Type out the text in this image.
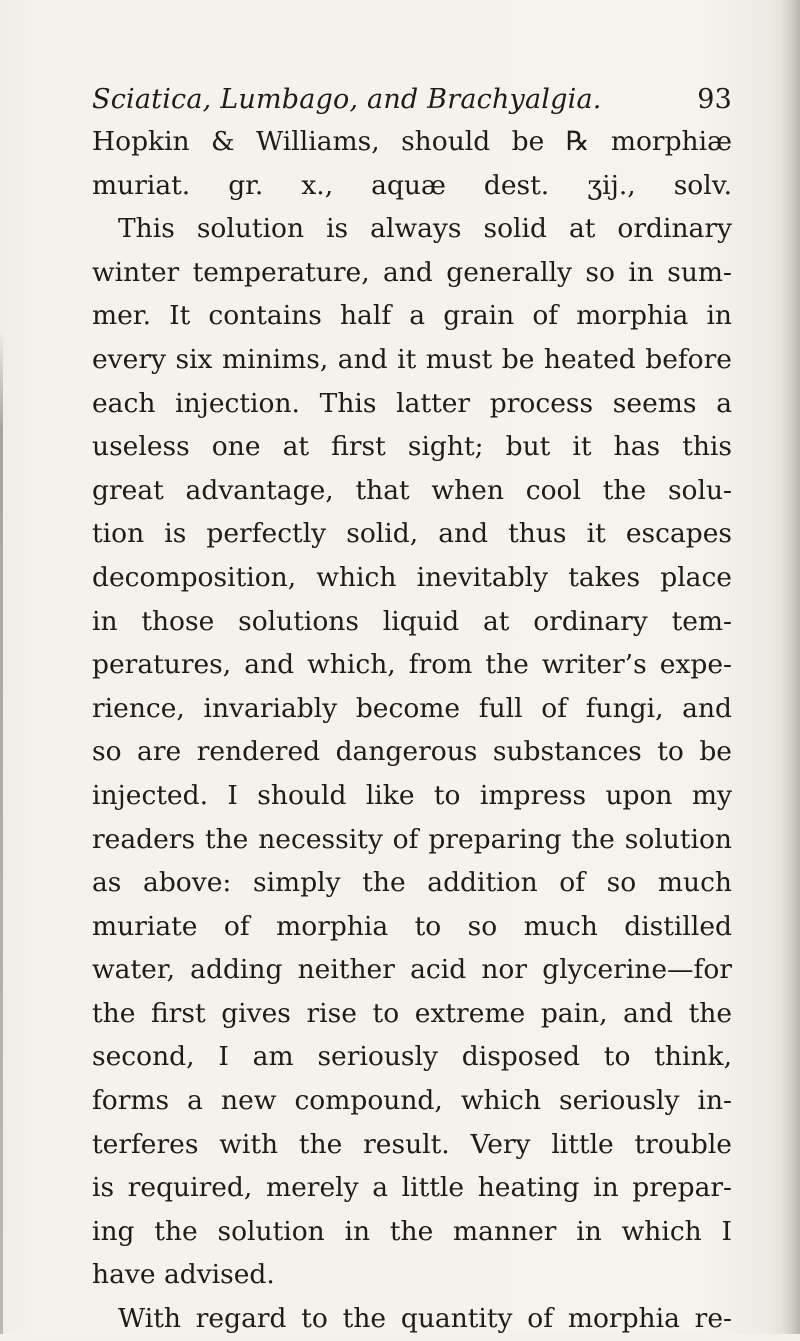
Sciatica, Lumbago, and Brachyalgia.	93
Hopkin & Williams, should be ℞ morphiæ
muriat. gr. x., aquæ dest. ʒij., solv.
This solution is always solid at ordinary
winter temperature, and generally so in sum-
mer. It contains half a grain of morphia in
every six minims, and it must be heated before
each injection. This latter process seems a
useless one at first sight; but it has this
great advantage, that when cool the solu-
tion is perfectly solid, and thus it escapes
decomposition, which inevitably takes place
in those solutions liquid at ordinary tem-
peratures, and which, from the writer’s expe-
rience, invariably become full of fungi, and
so are rendered dangerous substances to be
injected. I should like to impress upon my
readers the necessity of preparing the solution
as above: simply the addition of so much
muriate of morphia to so much distilled
water, adding neither acid nor glycerine—for
the first gives rise to extreme pain, and the
second, I am seriously disposed to think,
forms a new compound, which seriously in-
terferes with the result. Very little trouble
is required, merely a little heating in prepar-
ing the solution in the manner in which I
have advised.
With regard to the quantity of morphia re-
